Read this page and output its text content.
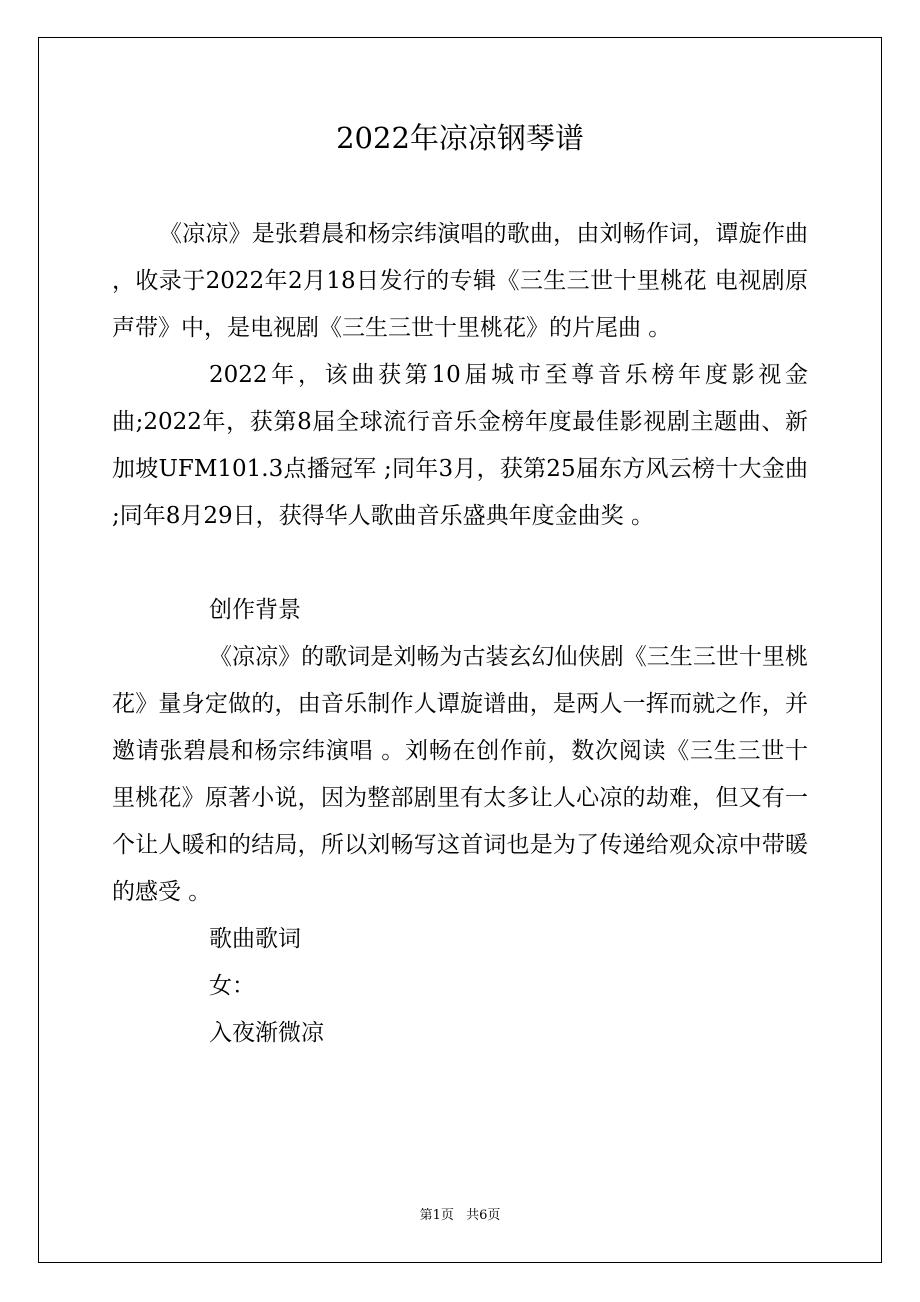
2022年凉凉钢琴谱

《凉凉》是张碧晨和杨宗纬演唱的歌曲，由刘畅作词，谭旋作曲 ，收录于2022年2月18日发行的专辑《三生三世十里桃花 电视剧原声带》中，是电视剧《三生三世十里桃花》的片尾曲 。

2022年，该曲获第10届城市至尊音乐榜年度影视金曲;2022年，获第8届全球流行音乐金榜年度最佳影视剧主题曲、新加坡UFM101.3点播冠军 ;同年3月，获第25届东方风云榜十大金曲 ;同年8月29日，获得华人歌曲音乐盛典年度金曲奖 。

创作背景

《凉凉》的歌词是刘畅为古装玄幻仙侠剧《三生三世十里桃花》量身定做的，由音乐制作人谭旋谱曲，是两人一挥而就之作，并邀请张碧晨和杨宗纬演唱 。刘畅在创作前，数次阅读《三生三世十里桃花》原著小说，因为整部剧里有太多让人心凉的劫难，但又有一个让人暖和的结局，所以刘畅写这首词也是为了传递给观众凉中带暖的感受 。

歌曲歌词

女：

入夜渐微凉

第1页 共6页
